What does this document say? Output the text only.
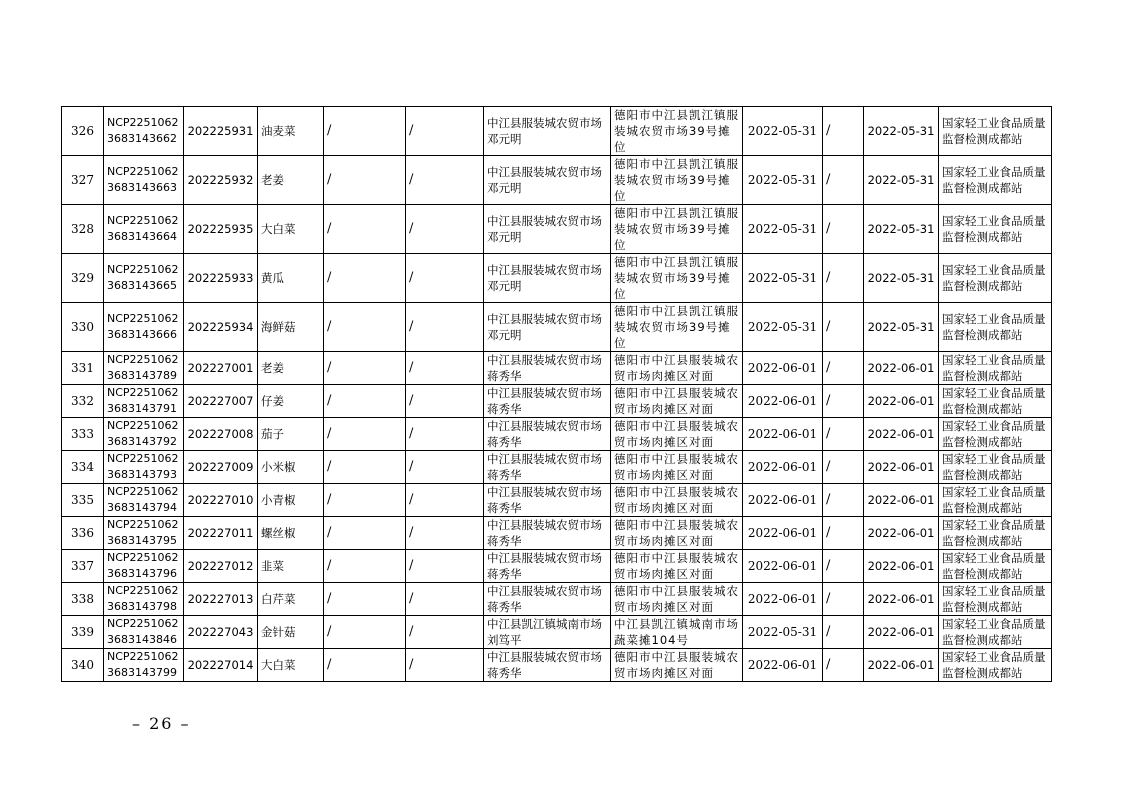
326	NCP2251062 3683143662	202225931	油麦菜	/	/	中江县服装城农贸市场邓元明	德阳市中江县凯江镇服装城农贸市场39号摊位	2022-05-31	/	2022-05-31	国家轻工业食品质量监督检测成都站
327	NCP2251062 3683143663	202225932	老姜	/	/	中江县服装城农贸市场邓元明	德阳市中江县凯江镇服装城农贸市场39号摊位	2022-05-31	/	2022-05-31	国家轻工业食品质量监督检测成都站
328	NCP2251062 3683143664	202225935	大白菜	/	/	中江县服装城农贸市场邓元明	德阳市中江县凯江镇服装城农贸市场39号摊位	2022-05-31	/	2022-05-31	国家轻工业食品质量监督检测成都站
329	NCP2251062 3683143665	202225933	黄瓜	/	/	中江县服装城农贸市场邓元明	德阳市中江县凯江镇服装城农贸市场39号摊位	2022-05-31	/	2022-05-31	国家轻工业食品质量监督检测成都站
330	NCP2251062 3683143666	202225934	海鲜菇	/	/	中江县服装城农贸市场邓元明	德阳市中江县凯江镇服装城农贸市场39号摊位	2022-05-31	/	2022-05-31	国家轻工业食品质量监督检测成都站
331	NCP2251062 3683143789	202227001	老姜	/	/	中江县服装城农贸市场蒋秀华	德阳市中江县服装城农贸市场肉摊区对面	2022-06-01	/	2022-06-01	国家轻工业食品质量监督检测成都站
332	NCP2251062 3683143791	202227007	仔姜	/	/	中江县服装城农贸市场蒋秀华	德阳市中江县服装城农贸市场肉摊区对面	2022-06-01	/	2022-06-01	国家轻工业食品质量监督检测成都站
333	NCP2251062 3683143792	202227008	茄子	/	/	中江县服装城农贸市场蒋秀华	德阳市中江县服装城农贸市场肉摊区对面	2022-06-01	/	2022-06-01	国家轻工业食品质量监督检测成都站
334	NCP2251062 3683143793	202227009	小米椒	/	/	中江县服装城农贸市场蒋秀华	德阳市中江县服装城农贸市场肉摊区对面	2022-06-01	/	2022-06-01	国家轻工业食品质量监督检测成都站
335	NCP2251062 3683143794	202227010	小青椒	/	/	中江县服装城农贸市场蒋秀华	德阳市中江县服装城农贸市场肉摊区对面	2022-06-01	/	2022-06-01	国家轻工业食品质量监督检测成都站
336	NCP2251062 3683143795	202227011	螺丝椒	/	/	中江县服装城农贸市场蒋秀华	德阳市中江县服装城农贸市场肉摊区对面	2022-06-01	/	2022-06-01	国家轻工业食品质量监督检测成都站
337	NCP2251062 3683143796	202227012	韭菜	/	/	中江县服装城农贸市场蒋秀华	德阳市中江县服装城农贸市场肉摊区对面	2022-06-01	/	2022-06-01	国家轻工业食品质量监督检测成都站
338	NCP2251062 3683143798	202227013	白芹菜	/	/	中江县服装城农贸市场蒋秀华	德阳市中江县服装城农贸市场肉摊区对面	2022-06-01	/	2022-06-01	国家轻工业食品质量监督检测成都站
339	NCP2251062 3683143846	202227043	金针菇	/	/	中江县凯江镇城南市场刘笃平	中江县凯江镇城南市场蔬菜摊104号	2022-05-31	/	2022-06-01	国家轻工业食品质量监督检测成都站
340	NCP2251062 3683143799	202227014	大白菜	/	/	中江县服装城农贸市场蒋秀华	德阳市中江县服装城农贸市场肉摊区对面	2022-06-01	/	2022-06-01	国家轻工业食品质量监督检测成都站
– 26 –
